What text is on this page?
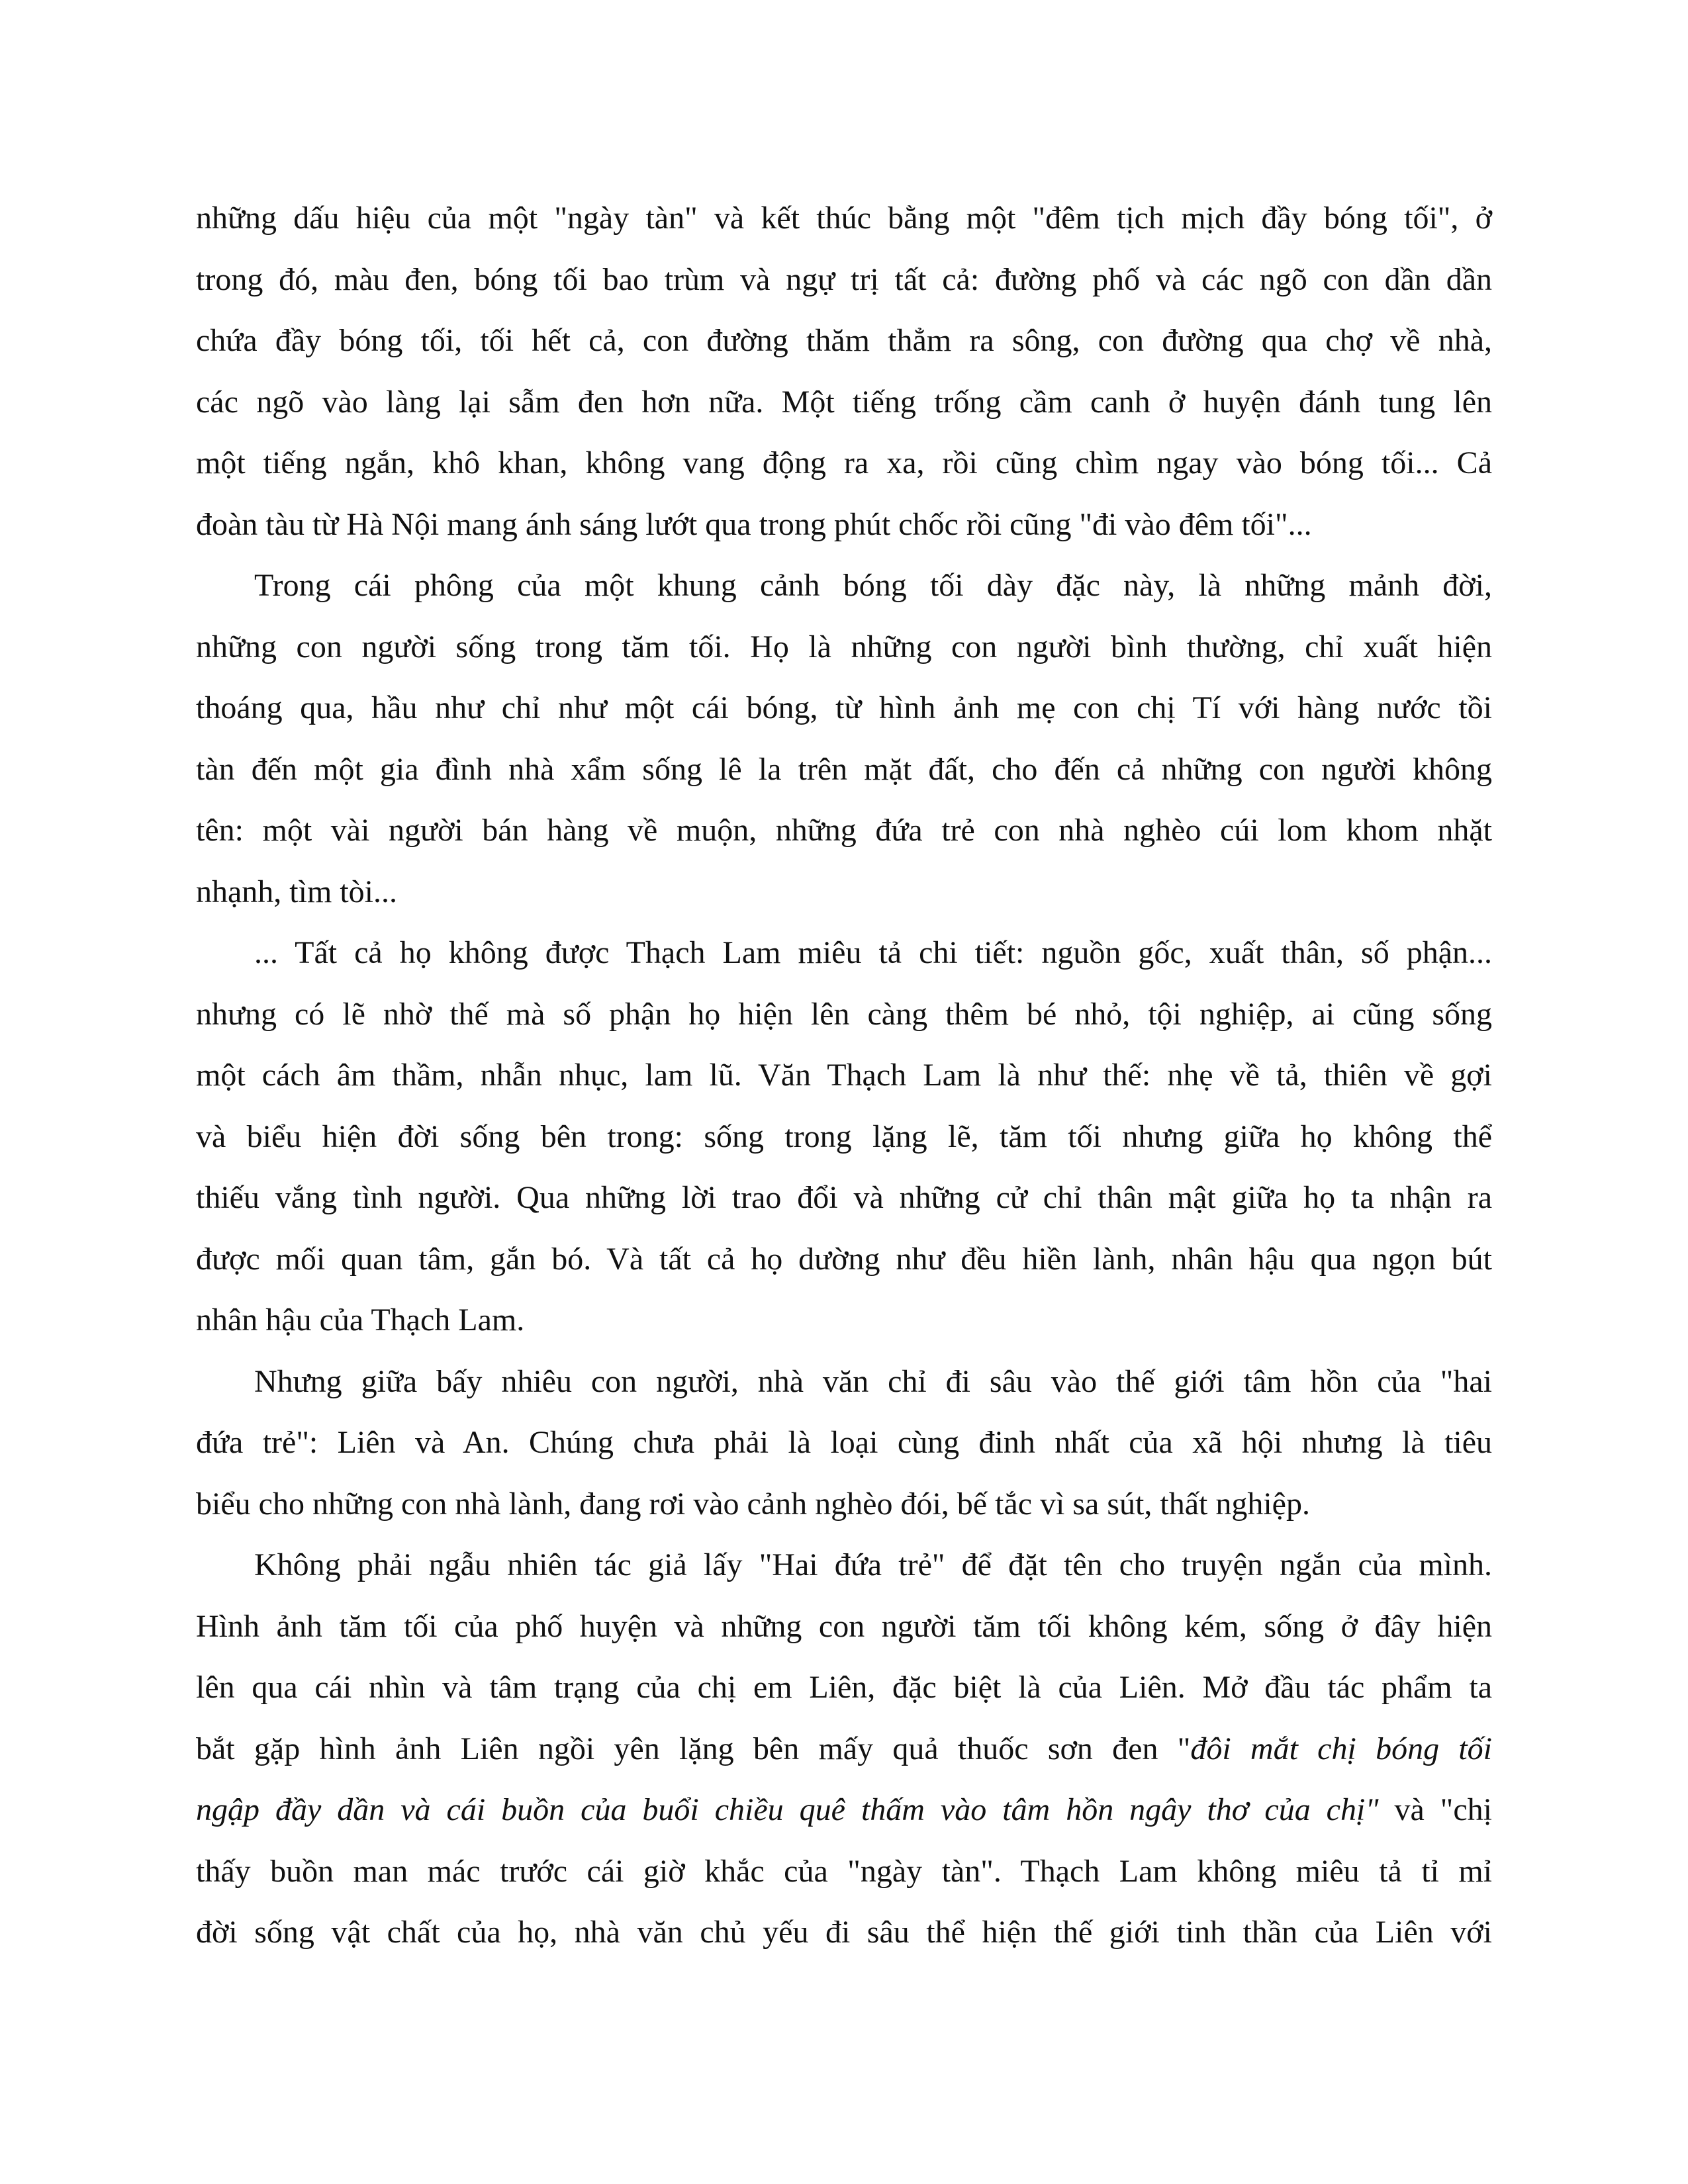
những dấu hiệu của một "ngày tàn" và kết thúc bằng một "đêm tịch mịch đầy bóng tối", ở
trong đó, màu đen, bóng tối bao trùm và ngự trị tất cả: đường phố và các ngõ con dần dần
chứa đầy bóng tối, tối hết cả, con đường thăm thẳm ra sông, con đường qua chợ về nhà,
các ngõ vào làng lại sẫm đen hơn nữa. Một tiếng trống cầm canh ở huyện đánh tung lên
một tiếng ngắn, khô khan, không vang động ra xa, rồi cũng chìm ngay vào bóng tối... Cả
đoàn tàu từ Hà Nội mang ánh sáng lướt qua trong phút chốc rồi cũng "đi vào đêm tối"...
Trong cái phông của một khung cảnh bóng tối dày đặc này, là những mảnh đời,
những con người sống trong tăm tối. Họ là những con người bình thường, chỉ xuất hiện
thoáng qua, hầu như chỉ như một cái bóng, từ hình ảnh mẹ con chị Tí với hàng nước tồi
tàn đến một gia đình nhà xẩm sống lê la trên mặt đất, cho đến cả những con người không
tên: một vài người bán hàng về muộn, những đứa trẻ con nhà nghèo cúi lom khom nhặt
nhạnh, tìm tòi...
... Tất cả họ không được Thạch Lam miêu tả chi tiết: nguồn gốc, xuất thân, số phận...
nhưng có lẽ nhờ thế mà số phận họ hiện lên càng thêm bé nhỏ, tội nghiệp, ai cũng sống
một cách âm thầm, nhẫn nhục, lam lũ. Văn Thạch Lam là như thế: nhẹ về tả, thiên về gợi
và biểu hiện đời sống bên trong: sống trong lặng lẽ, tăm tối nhưng giữa họ không thể
thiếu vắng tình người. Qua những lời trao đổi và những cử chỉ thân mật giữa họ ta nhận ra
được mối quan tâm, gắn bó. Và tất cả họ dường như đều hiền lành, nhân hậu qua ngọn bút
nhân hậu của Thạch Lam.
Nhưng giữa bấy nhiêu con người, nhà văn chỉ đi sâu vào thế giới tâm hồn của "hai
đứa trẻ": Liên và An. Chúng chưa phải là loại cùng đinh nhất của xã hội nhưng là tiêu
biểu cho những con nhà lành, đang rơi vào cảnh nghèo đói, bế tắc vì sa sút, thất nghiệp.
Không phải ngẫu nhiên tác giả lấy "Hai đứa trẻ" để đặt tên cho truyện ngắn của mình.
Hình ảnh tăm tối của phố huyện và những con người tăm tối không kém, sống ở đây hiện
lên qua cái nhìn và tâm trạng của chị em Liên, đặc biệt là của Liên. Mở đầu tác phẩm ta
bắt gặp hình ảnh Liên ngồi yên lặng bên mấy quả thuốc sơn đen "đôi mắt chị bóng tối
ngập đầy dần và cái buồn của buổi chiều quê thấm vào tâm hồn ngây thơ của chị" và "chị
thấy buồn man mác trước cái giờ khắc của "ngày tàn". Thạch Lam không miêu tả tỉ mỉ
đời sống vật chất của họ, nhà văn chủ yếu đi sâu thể hiện thế giới tinh thần của Liên với
